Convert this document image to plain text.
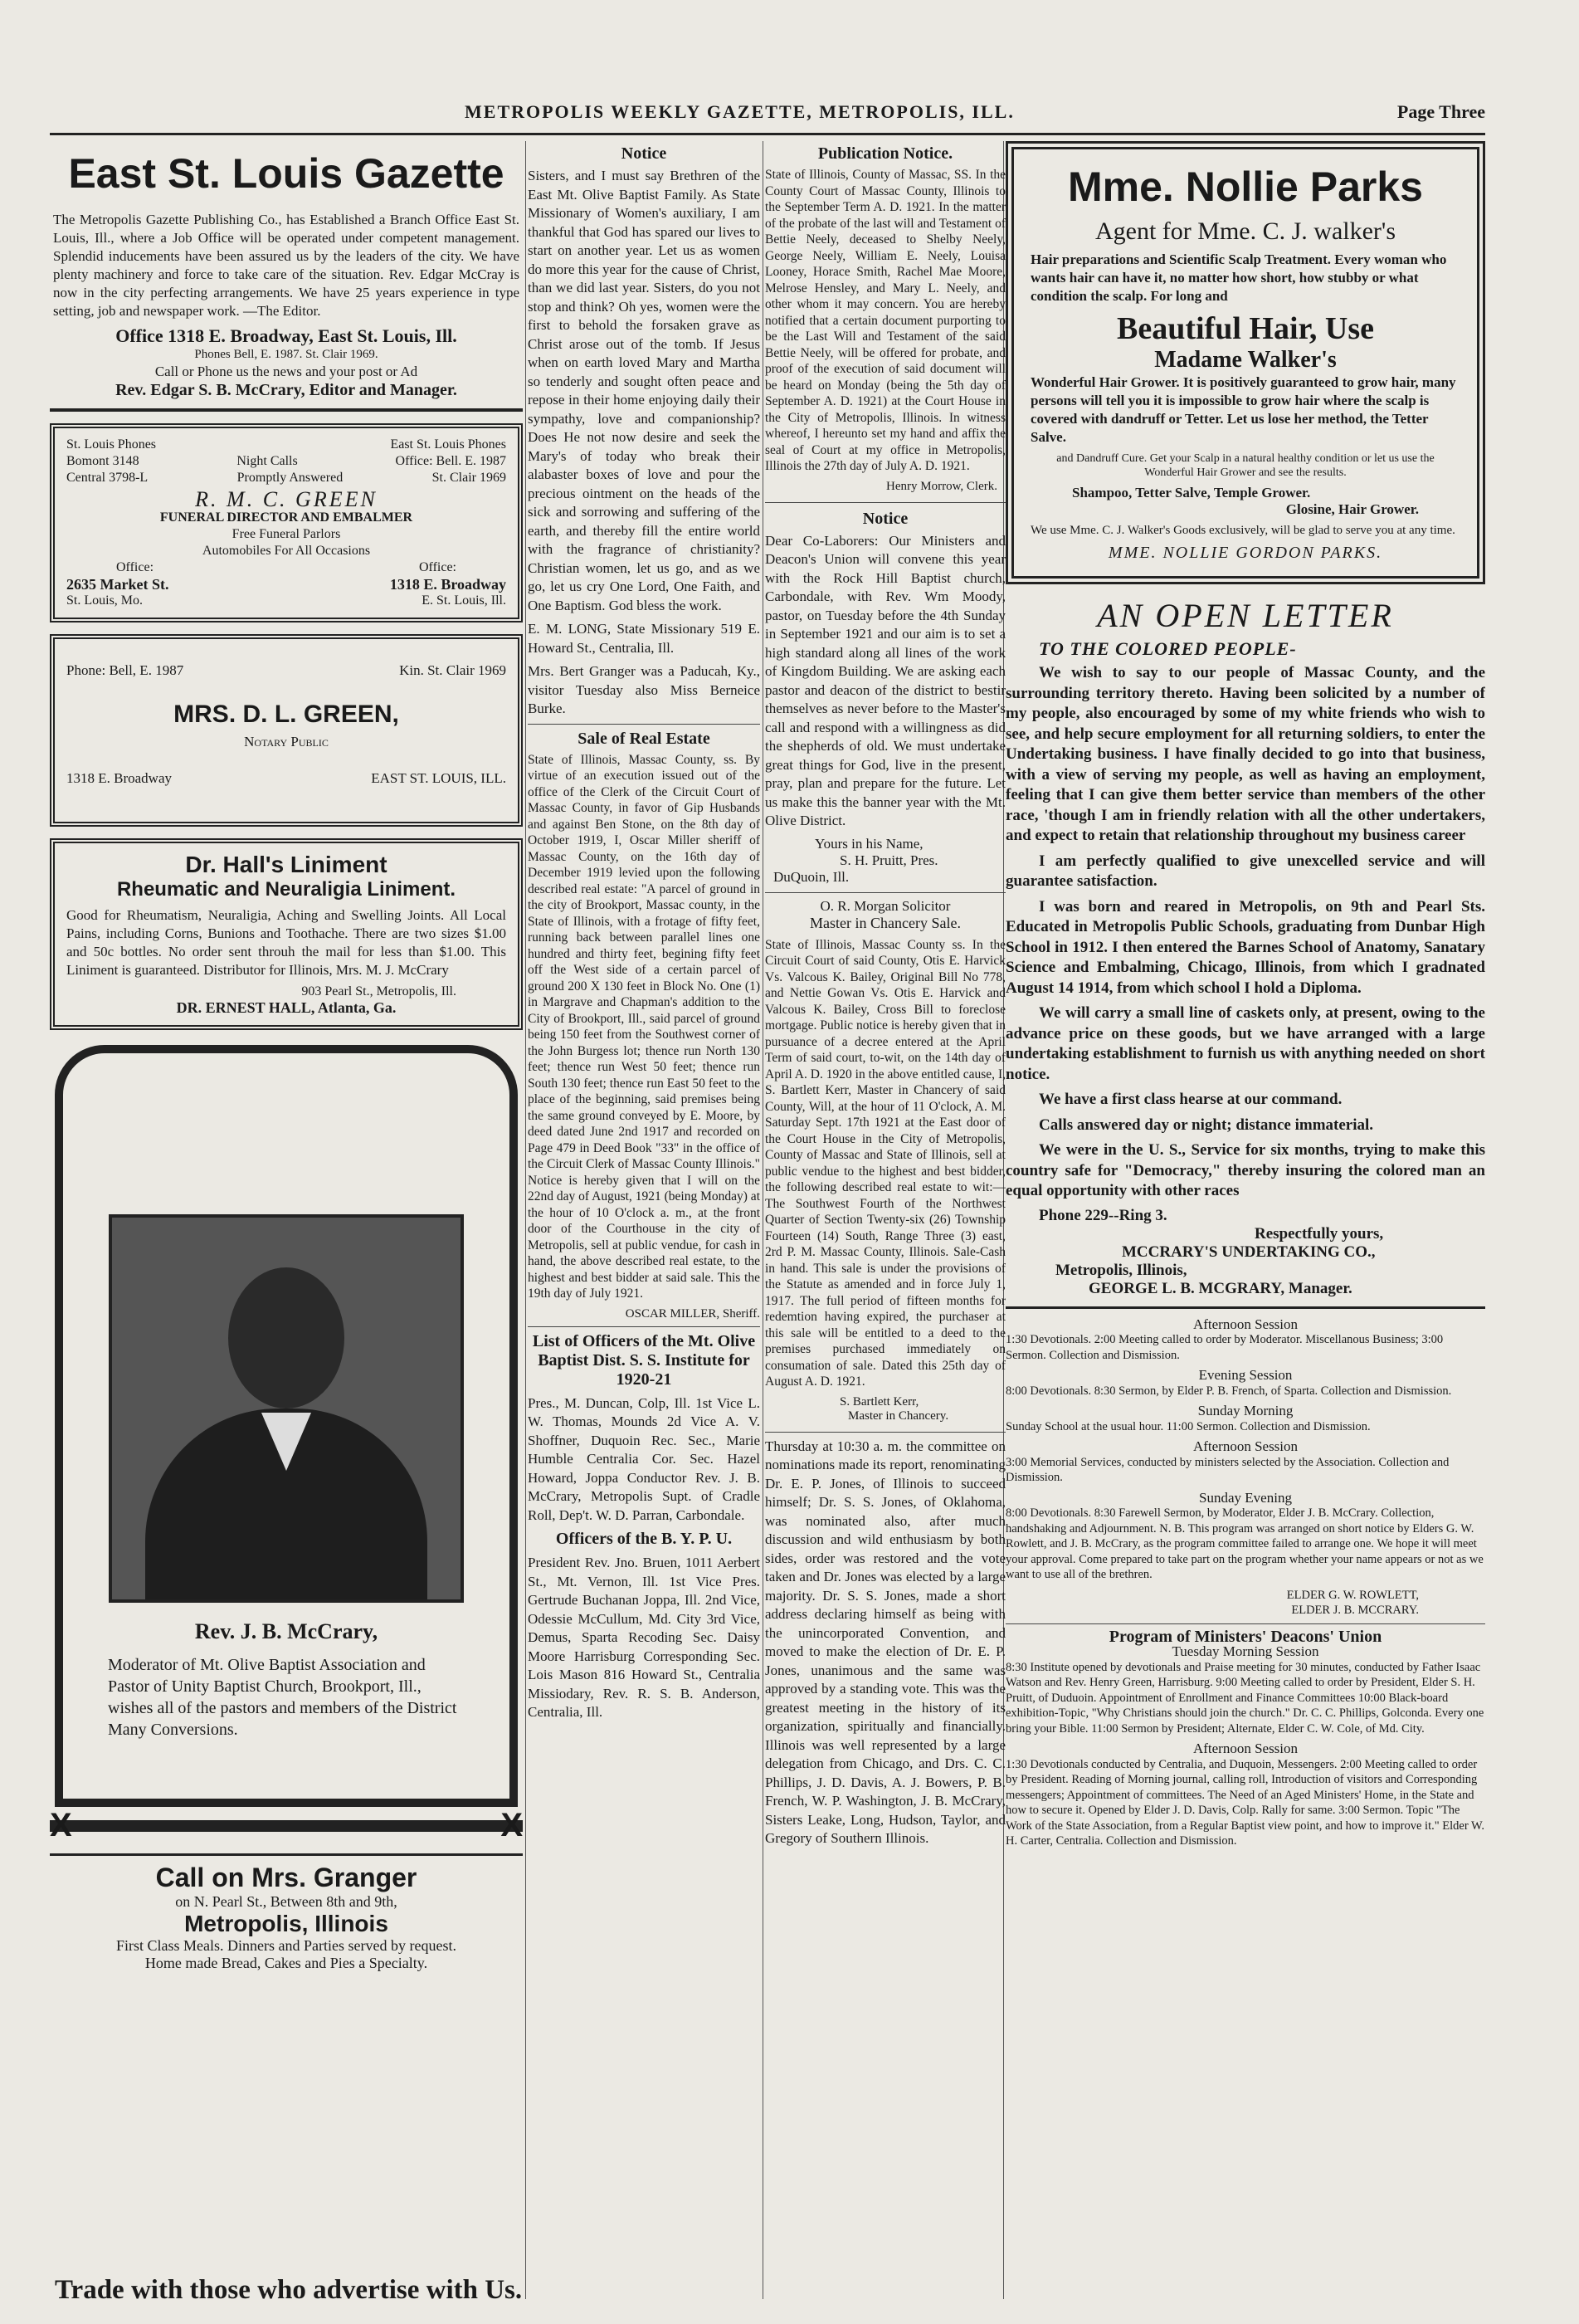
METROPOLIS WEEKLY GAZETTE, METROPOLIS, ILL.	Page Three
East St. Louis Gazette

The Metropolis Gazette Publishing Co., has Established a Branch Office East St. Louis, Ill., where a Job Office will be operated under competent management. Splendid inducements have been assured us by the leaders of the city. We have plenty machinery and force to take care of the situation. Rev. Edgar McCray is now in the city perfecting arrangements. We have 25 years experience in type setting, job and newspaper work. —The Editor.

Office 1318 E. Broadway, East St. Louis, Ill.
Phones Bell, E. 1987. St. Clair 1969.
Call or Phone us the news and your post or Ad
Rev. Edgar S. B. McCrary, Editor and Manager.
St. Louis Phones	East St. Louis Phones
Bomont 3148	Night Calls	Office: Bell. E. 1987
Central 3798-L	Promptly Answered	St. Clair 1969
R. M. C. GREEN
FUNERAL DIRECTOR AND EMBALMER
Free Funeral Parlors
Automobiles For All Occasions
Office:	Office:
2635 Market St.	1318 E. Broadway
St. Louis, Mo.	E. St. Louis, Ill.
Phone: Bell, E. 1987	Kin. St. Clair 1969
MRS. D. L. GREEN,
Notary Public
1318 E. Broadway	EAST ST. LOUIS, ILL.
Dr. Hall's Liniment
Rheumatic and Neuraligia Liniment.

Good for Rheumatism, Neuraligia, Aching and Swelling Joints. All Local Pains, including Corns, Bunions and Toothache. There are two sizes $1.00 and 50c bottles. No order sent throuh the mail for less than $1.00. This Liniment is guaranteed. Distributor for Illinois, Mrs. M. J. McCrary

903 Pearl St., Metropolis, Ill.
DR. ERNEST HALL, Atlanta, Ga.
Rev. J. B. McCrary,

Moderator of Mt. Olive Baptist Association and Pastor of Unity Baptist Church, Brookport, Ill., wishes all of the pastors and members of the District Many Conversions.

X	X
Call on Mrs. Granger
on N. Pearl St., Between 8th and 9th,
Metropolis, Illinois
First Class Meals. Dinners and Parties served by request.
Home made Bread, Cakes and Pies a Specialty.
Trade with those who advertise with Us.
Notice

Sisters, and I must say Brethren of the East Mt. Olive Baptist Family. As State Missionary of Women's auxiliary, I am thankful that God has spared our lives to start on another year. Let us as women do more this year for the cause of Christ, than we did last year. Sisters, do you not stop and think? Oh yes, women were the first to behold the forsaken grave as Christ arose out of the tomb. If Jesus when on earth loved Mary and Martha so tenderly and sought often peace and repose in their home enjoying daily their sympathy, love and companionship? Does He not now desire and seek the Mary's of today who break their alabaster boxes of love and pour the precious ointment on the heads of the sick and sorrowing and suffering of the earth, and thereby fill the entire world with the fragrance of christianity? Christian women, let us go, and as we go, let us cry One Lord, One Faith, and One Baptism. God bless the work.

E. M. LONG, State Missionary 519 E. Howard St., Centralia, Ill.

Mrs. Bert Granger was a Paducah, Ky., visitor Tuesday also Miss Berneice Burke.

Sale of Real Estate

State of Illinois, Massac County, ss. By virtue of an execution issued out of the office of the Clerk of the Circuit Court of Massac County, in favor of Gip Husbands and against Ben Stone, on the 8th day of October 1919, I, Oscar Miller sheriff of Massac County, on the 16th day of December 1919 levied upon the following described real estate: "A parcel of ground in the city of Brookport, Massac county, in the State of Illinois, with a frotage of fifty feet, running back between parallel lines one hundred and thirty feet, begining fifty feet off the West side of a certain parcel of ground 200 X 130 feet in Block No. One (1) in Margrave and Chapman's addition to the City of Brookport, Ill., said parcel of ground being 150 feet from the Southwest corner of the John Burgess lot; thence run North 130 feet; thence run West 50 feet; thence run South 130 feet; thence run East 50 feet to the place of the beginning, said premises being the same ground conveyed by E. Moore, by deed dated June 2nd 1917 and recorded on Page 479 in Deed Book "33" in the office of the Circuit Clerk of Massac County Illinois." Notice is hereby given that I will on the 22nd day of August, 1921 (being Monday) at the hour of 10 O'clock a. m., at the front door of the Courthouse in the city of Metropolis, sell at public vendue, for cash in hand, the above described real estate, to the highest and best bidder at said sale. This the 19th day of July 1921.

OSCAR MILLER, Sheriff.
List of Officers of the Mt. Olive Baptist Dist. S. S. Institute for 1920-21

Pres., M. Duncan, Colp, Ill. 1st Vice L. W. Thomas, Mounds 2d Vice A. V. Shoffner, Duquoin Rec. Sec., Marie Humble Centralia Cor. Sec. Hazel Howard, Joppa Conductor Rev. J. B. McCrary, Metropolis Supt. of Cradle Roll, Dep't. W. D. Parran, Carbondale.

Officers of the B. Y. P. U.

President Rev. Jno. Bruen, 1011 Aerbert St., Mt. Vernon, Ill. 1st Vice Pres. Gertrude Buchanan Joppa, Ill. 2nd Vice, Odessie McCullum, Md. City 3rd Vice, Demus, Sparta Recoding Sec. Daisy Moore Harrisburg Corresponding Sec. Lois Mason 816 Howard St., Centralia Missiodary, Rev. R. S. B. Anderson, Centralia, Ill.

Publication Notice.

State of Illinois, County of Massac, SS. In the County Court of Massac County, Illinois to the September Term A. D. 1921. In the matter of the probate of the last will and Testament of Bettie Neely, deceased to Shelby Neely, George Neely, William E. Neely, Louisa Looney, Horace Smith, Rachel Mae Moore, Melrose Hensley, and Mary L. Neely, and other whom it may concern. You are hereby notified that a certain document purporting to be the Last Will and Testament of the said Bettie Neely, will be offered for probate, and proof of the execution of said document will be heard on Monday (being the 5th day of September A. D. 1921) at the Court House in the City of Metropolis, Illinois. In witness whereof, I hereunto set my hand and affix the seal of Court at my office in Metropolis, Illinois the 27th day of July A. D. 1921.

Henry Morrow, Clerk.
Notice

Dear Co-Laborers: Our Ministers and Deacon's Union will convene this year with the Rock Hill Baptist church, Carbondale, with Rev. Wm Moody, pastor, on Tuesday before the 4th Sunday in September 1921 and our aim is to set a high standard along all lines of the work of Kingdom Building. We are asking each pastor and deacon of the district to bestir themselves as never before to the Master's call and respond with a willingness as did the shepherds of old. We must undertake great things for God, live in the present, pray, plan and prepare for the future. Let us make this the banner year with the Mt. Olive District.

Yours in his Name,
S. H. Pruitt, Pres.
DuQuoin, Ill.
O. R. Morgan Solicitor
Master in Chancery Sale.

State of Illinois, Massac County ss. In the Circuit Court of said County, Otis E. Harvick Vs. Valcous K. Bailey, Original Bill No 778, and Nettie Gowan Vs. Otis E. Harvick and Valcous K. Bailey, Cross Bill to foreclose mortgage. Public notice is hereby given that in pursuance of a decree entered at the April Term of said court, to-wit, on the 14th day of April A. D. 1920 in the above entitled cause, I, S. Bartlett Kerr, Master in Chancery of said County, Will, at the hour of 11 O'clock, A. M. Saturday Sept. 17th 1921 at the East door of the Court House in the City of Metropolis, County of Massac and State of Illinois, sell at public vendue to the highest and best bidder, the following described real estate to wit:— The Southwest Fourth of the Northwest Quarter of Section Twenty-six (26) Township Fourteen (14) South, Range Three (3) east, 2rd P. M. Massac County, Illinois. Sale-Cash in hand. This sale is under the provisions of the Statute as amended and in force July 1, 1917. The full period of fifteen months for redemtion having expired, the purchaser at this sale will be entitled to a deed to the premises purchased immediately on consumation of sale. Dated this 25th day of August A. D. 1921.

S. Bartlett Kerr,
Master in Chancery.

Thursday at 10:30 a. m. the committee on nominations made its report, renominating Dr. E. P. Jones, of Illinois to succeed himself; Dr. S. S. Jones, of Oklahoma, was nominated also, after much discussion and wild enthusiasm by both sides, order was restored and the vote taken and Dr. Jones was elected by a large majority. Dr. S. S. Jones, made a short address declaring himself as being with the unincorporated Convention, and moved to make the election of Dr. E. P. Jones, unanimous and the same was approved by a standing vote. This was the greatest meeting in the history of its organization, spiritually and financially. Illinois was well represented by a large delegation from Chicago, and Drs. C. C. Phillips, J. D. Davis, A. J. Bowers, P. B. French, W. P. Washington, J. B. McCrary, Sisters Leake, Long, Hudson, Taylor, and Gregory of Southern Illinois.

Mme. Nollie Parks
Agent for Mme. C. J. walker's

Hair preparations and Scientific Scalp Treatment. Every woman who wants hair can have it, no matter how short, how stubby or what condition the scalp. For long and

Beautiful Hair, Use
Madame Walker's

Wonderful Hair Grower. It is positively guaranteed to grow hair, many persons will tell you it is impossible to grow hair where the scalp is covered with dandruff or Tetter. Let us lose her method, the Tetter Salve.

and Dandruff Cure. Get your Scalp in a natural healthy condition or let us use the Wonderful Hair Grower and see the results.

Shampoo, Tetter Salve, Temple Grower.
Glosine, Hair Grower.

We use Mme. C. J. Walker's Goods exclusively, will be glad to serve you at any time.

MME. NOLLIE GORDON PARKS.
AN OPEN LETTER
TO THE COLORED PEOPLE-

We wish to say to our people of Massac County, and the surrounding territory thereto. Having been solicited by a number of my people, also encouraged by some of my white friends who wish to see, and help secure employment for all returning soldiers, to enter the Undertaking business. I have finally decided to go into that business, with a view of serving my people, as well as having an employment, feeling that I can give them better service than members of the other race, 'though I am in friendly relation with all the other undertakers, and expect to retain that relationship throughout my business career

I am perfectly qualified to give unexcelled service and will guarantee satisfaction.

I was born and reared in Metropolis, on 9th and Pearl Sts. Educated in Metropolis Public Schools, graduating from Dunbar High School in 1912. I then entered the Barnes School of Anatomy, Sanatary Science and Embalming, Chicago, Illinois, from which I gradnated August 14 1914, from which school I hold a Diploma.

We will carry a small line of caskets only, at present, owing to the advance price on these goods, but we have arranged with a large undertaking establishment to furnish us with anything needed on short notice.

We have a first class hearse at our command.

Calls answered day or night; distance immaterial.

We were in the U. S., Service for six months, trying to make this country safe for "Democracy," thereby insuring the colored man an equal opportunity with other races

Phone 229--Ring 3.
Respectfully yours,
MCCRARY'S UNDERTAKING CO.,
Metropolis, Illinois,
GEORGE L. B. MCGRARY, Manager.
Afternoon Session

1:30 Devotionals. 2:00 Meeting called to order by Moderator. Miscellanous Business; 3:00 Sermon. Collection and Dismission.

Evening Session

8:00 Devotionals. 8:30 Sermon, by Elder P. B. French, of Sparta. Collection and Dismission.

Sunday Morning

Sunday School at the usual hour. 11:00 Sermon. Collection and Dismission.

Afternoon Session

3:00 Memorial Services, conducted by ministers selected by the Association. Collection and Dismission.

Sunday Evening

8:00 Devotionals. 8:30 Farewell Sermon, by Moderator, Elder J. B. McCrary. Collection, handshaking and Adjournment. N. B. This program was arranged on short notice by Elders G. W. Rowlett, and J. B. McCrary, as the program committee failed to arrange one. We hope it will meet your approval. Come prepared to take part on the program whether your name appears or not as we want to use all of the brethren.

ELDER G. W. ROWLETT,
ELDER J. B. MCCRARY.
Program of Ministers' Deacons' Union
Tuesday Morning Session

8:30 Institute opened by devotionals and Praise meeting for 30 minutes, conducted by Father Isaac Watson and Rev. Henry Green, Harrisburg. 9:00 Meeting called to order by President, Elder S. H. Pruitt, of Duduoin. Appointment of Enrollment and Finance Committees 10:00 Black-board exhibition-Topic, "Why Christians should join the church." Dr. C. C. Phillips, Golconda. Every one bring your Bible. 11:00 Sermon by President; Alternate, Elder C. W. Cole, of Md. City.

Afternoon Session

1:30 Devotionals conducted by Centralia, and Duquoin, Messengers. 2:00 Meeting called to order by President. Reading of Morning journal, calling roll, Introduction of visitors and Corresponding messengers; Appointment of committees. The Need of an Aged Ministers' Home, in the State and how to secure it. Opened by Elder J. D. Davis, Colp. Rally for same. 3:00 Sermon. Topic "The Work of the State Association, from a Regular Baptist view point, and how to improve it." Elder W. H. Carter, Centralia. Collection and Dismission.
